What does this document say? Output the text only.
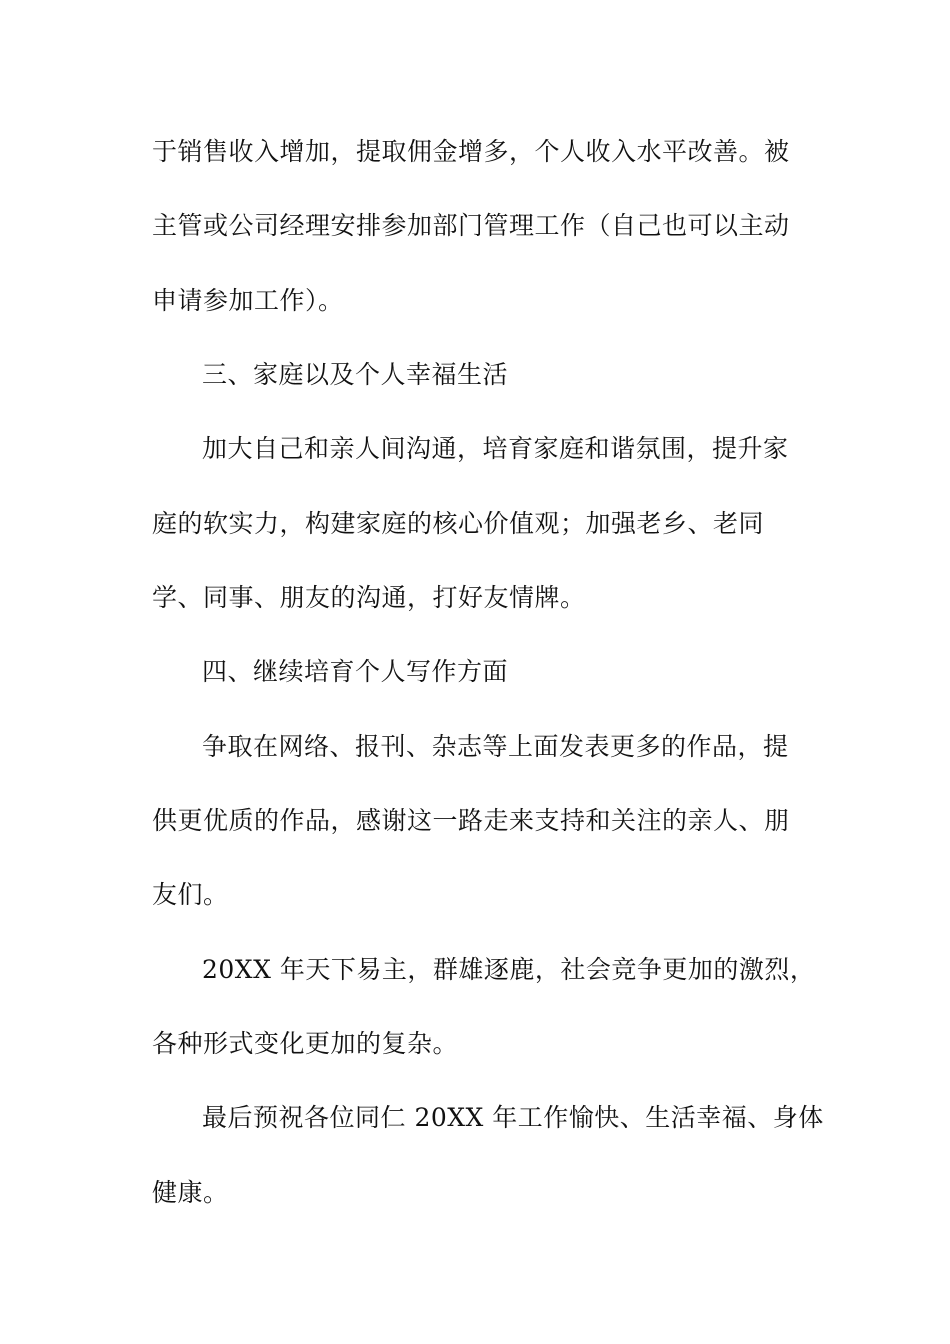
于销售收入增加，提取佣金增多，个人收入水平改善。被
主管或公司经理安排参加部门管理工作（自己也可以主动
申请参加工作）。
三、家庭以及个人幸福生活
加大自己和亲人间沟通，培育家庭和谐氛围，提升家
庭的软实力，构建家庭的核心价值观；加强老乡、老同
学、同事、朋友的沟通，打好友情牌。
四、继续培育个人写作方面
争取在网络、报刊、杂志等上面发表更多的作品，提
供更优质的作品，感谢这一路走来支持和关注的亲人、朋
友们。
20XX 年天下易主，群雄逐鹿，社会竞争更加的激烈，
各种形式变化更加的复杂。
最后预祝各位同仁 20XX 年工作愉快、生活幸福、身体
健康。
